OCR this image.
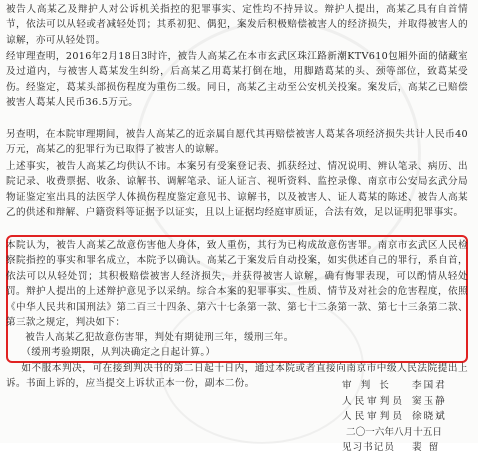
被告人高某乙及辩护人对公诉机关指控的犯罪事实、定性均不持异议。辩护人提出，高某乙具有自首情节，依法可以从轻或者减轻处罚；其系初犯、偶犯，案发后积极赔偿被害人的经济损失，并取得被害人的谅解，亦可从轻处罚。

经审理查明，2016年2月18日3时许，被告人高某乙在本市玄武区珠江路新潮KTV610包厢外面的储藏室及过道内，与被害人葛某发生纠纷，后高某乙用葛某打倒在地，用脚踏葛某的头、颈等部位，致葛某受伤。经鉴定，葛某头部损伤程度为重伤二级。同日，高某乙主动至公安机关投案。案发后，高某乙已赔偿被害人葛某人民币36.5万元。

另查明，在本院审理期间，被告人高某乙的近亲属自愿代其再赔偿被害人葛某各项经济损失共计人民币40万元，高某乙的犯罪行为已取得了被害人的谅解。

上述事实，被告人高某乙均供认不讳。本案另有受案登记表、抓获经过、情况说明、辨认笔录、病历、出院记录、收费票据、收条、谅解书、调解笔录、证人证言、视听资料、监控录像、南京市公安局玄武分局物证鉴定室出具的法医学人体损伤程度鉴定意见书、谅解书，以及被害人、证人葛某的陈述、被告人高某乙的供述和辩解、户籍资料等证据予以证实，且以上证据均经庭审质证，合法有效，足以证明犯罪事实。

本院认为，被告人高某乙故意伤害他人身体，致人重伤，其行为已构成故意伤害罪。南京市玄武区人民检察院指控的事实和罪名成立，本院予以确认。高某乙于案发后自动投案，如实供述自己的罪行，系自首，依法可以从轻处罚；其积极赔偿被害人经济损失，并获得被害人谅解，确有悔罪表现，可以酌情从轻处罚。辩护人提出的上述辩护意见予以采纳。综合本案的犯罪事实、性质、情节及对社会的危害程度，依照《中华人民共和国刑法》第二百三十四条、第六十七条第一款、第七十二条第一款、第七十三条第二款、第三款之规定，判决如下：

被告人高某乙犯故意伤害罪，判处有期徒刑三年，缓刑三年。

（缓刑考验期限，从判决确定之日起计算。）

如不服本判决，可在接到判决书的第二日起十日内，通过本院或者直接向南京市中级人民法院提出上诉。书面上诉的，应当提交上诉状正本一份，副本二份。	审 判 长	李国君
人民审判员 窦玉静
人民审判员 徐晓斌
二〇一六年八月十五日
见习书记员	裴 留
